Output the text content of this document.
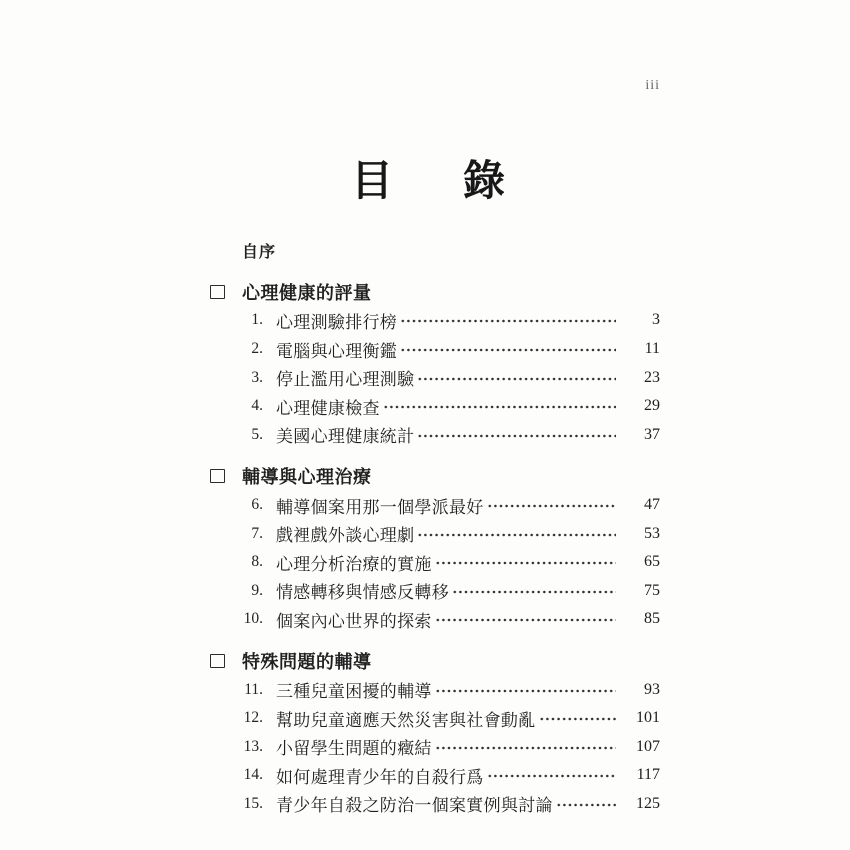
iii
目　錄
自序
心理健康的評量
1. 心理測驗排行榜	3
2. 電腦與心理衡鑑	11
3. 停止濫用心理測驗	23
4. 心理健康檢查	29
5. 美國心理健康統計	37
輔導與心理治療
6. 輔導個案用那一個學派最好	47
7. 戲裡戲外談心理劇	53
8. 心理分析治療的實施	65
9. 情感轉移與情感反轉移	75
10. 個案內心世界的探索	85
特殊問題的輔導
11. 三種兒童困擾的輔導	93
12. 幫助兒童適應天然災害與社會動亂	101
13. 小留學生問題的癥結	107
14. 如何處理青少年的自殺行爲	117
15. 青少年自殺之防治一個案實例與討論	125
